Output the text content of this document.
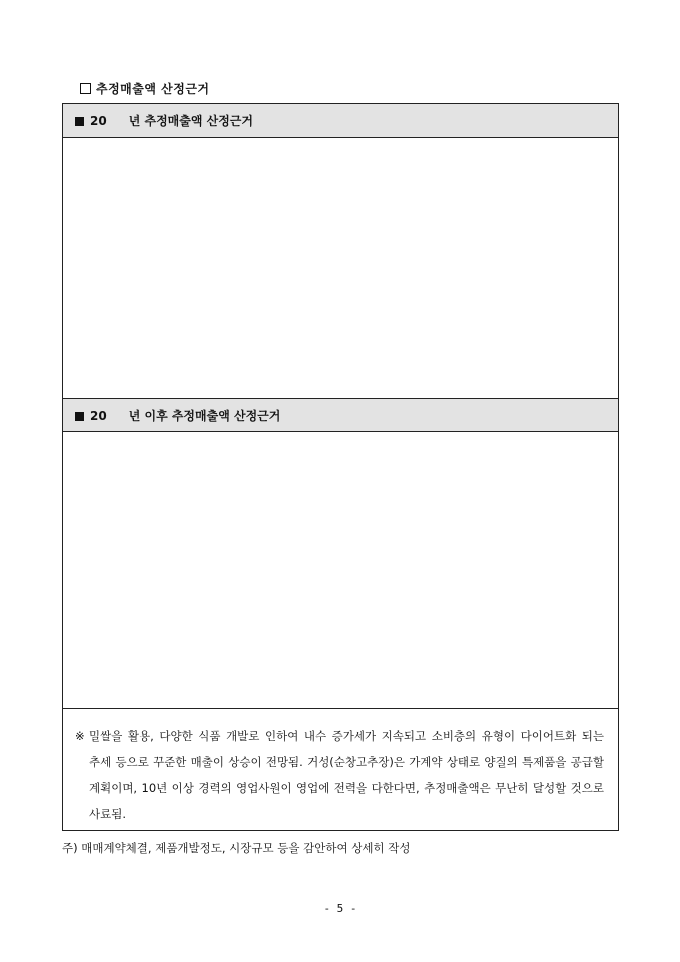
추정매출액 산정근거
20 년 추정매출액 산정근거
20 년 이후 추정매출액 산정근거
※ 밀쌀을 활용, 다양한 식품 개발로 인하여 내수 증가세가 지속되고 소비층의 유형이 다이어트화 되는 추세 등으로 꾸준한 매출이 상승이 전망됨. 거성(순창고추장)은 가계약 상태로 양질의 특제품을 공급할 계획이며, 10년 이상 경력의 영업사원이 영업에 전력을 다한다면, 추정매출액은 무난히 달성할 것으로 사료됨.
주) 매매계약체결, 제품개발정도, 시장규모 등을 감안하여 상세히 작성
- 5 -
